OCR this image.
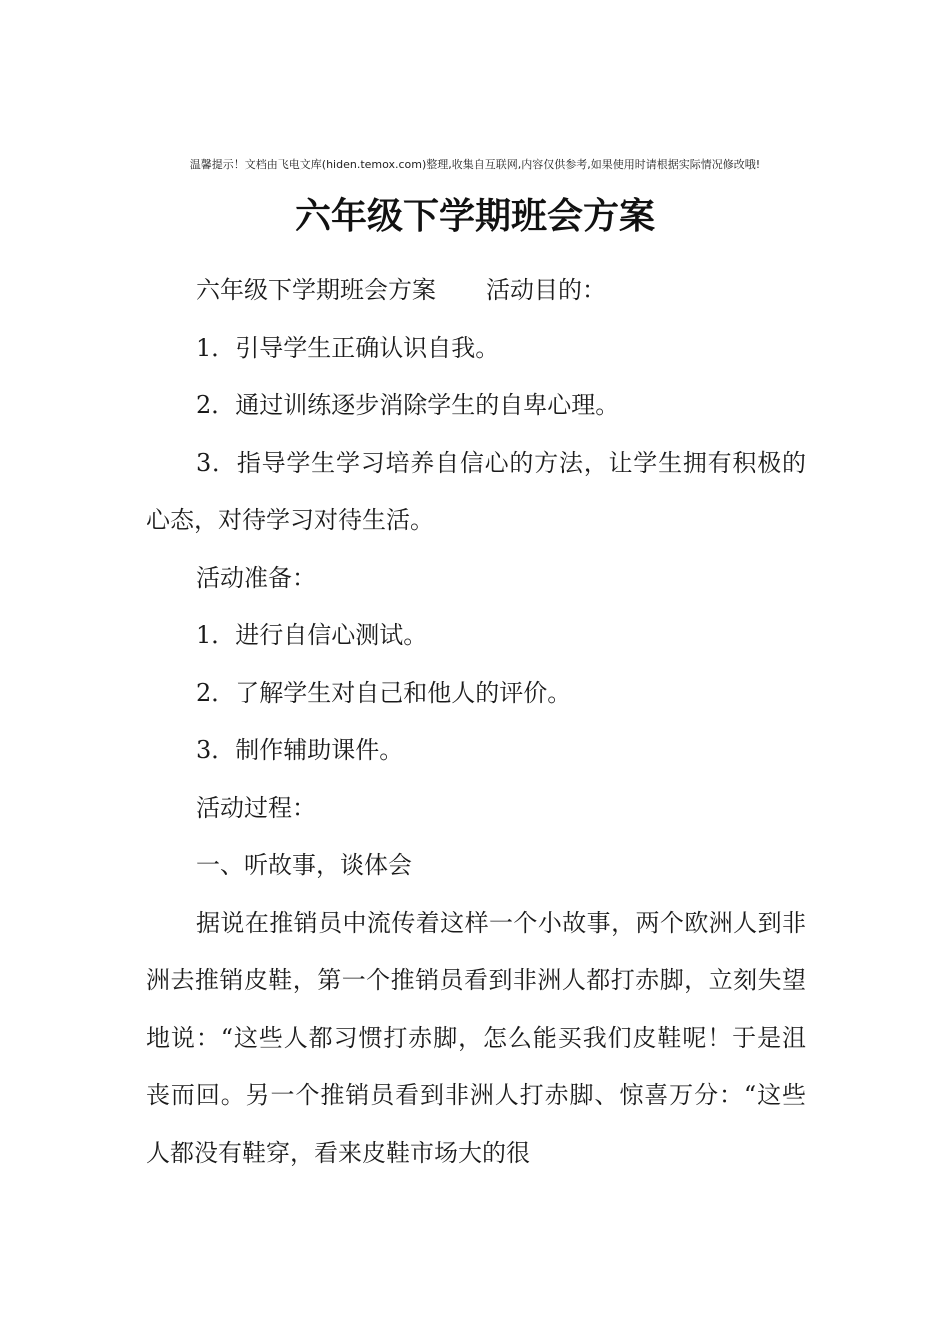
温馨提示！文档由飞电文库(hiden.temox.com)整理,收集自互联网,内容仅供参考,如果使用时请根据实际情况修改哦!
六年级下学期班会方案

六年级下学期班会方案 活动目的：

1．引导学生正确认识自我。

2．通过训练逐步消除学生的自卑心理。

3．指导学生学习培养自信心的方法，让学生拥有积极的心态，对待学习对待生活。

活动准备：

1．进行自信心测试。

2．了解学生对自己和他人的评价。

3．制作辅助课件。

活动过程：

一、听故事，谈体会

据说在推销员中流传着这样一个小故事，两个欧洲人到非洲去推销皮鞋，第一个推销员看到非洲人都打赤脚，立刻失望地说：“这些人都习惯打赤脚，怎么能买我们皮鞋呢！于是沮丧而回。另一个推销员看到非洲人打赤脚、惊喜万分：“这些人都没有鞋穿，看来皮鞋市场大的很
